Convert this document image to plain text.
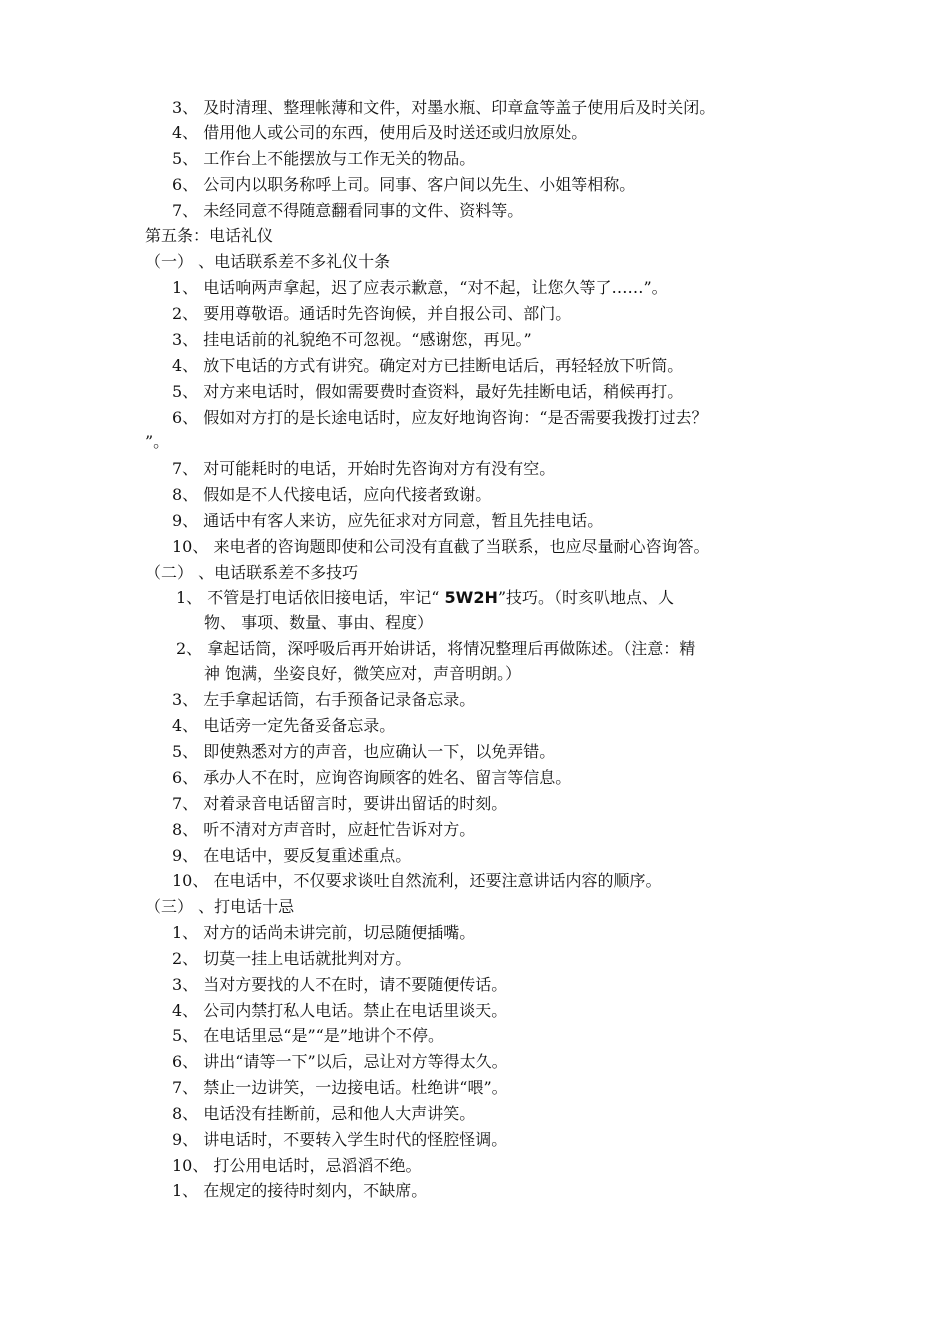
3、 及时清理、整理帐薄和文件，对墨水瓶、印章盒等盖子使用后及时关闭。
4、 借用他人或公司的东西，使用后及时送还或归放原处。
5、 工作台上不能摆放与工作无关的物品。
6、 公司内以职务称呼上司。同事、客户间以先生、小姐等相称。
7、 未经同意不得随意翻看同事的文件、资料等。
第五条：电话礼仪
（一） 、电话联系差不多礼仪十条
1、 电话响两声拿起，迟了应表示歉意，“对不起，让您久等了……”。
2、 要用尊敬语。通话时先咨询候，并自报公司、部门。
3、 挂电话前的礼貌绝不可忽视。“感谢您，再见。”
4、 放下电话的方式有讲究。确定对方已挂断电话后，再轻轻放下听筒。
5、 对方来电话时，假如需要费时查资料，最好先挂断电话，稍候再打。
6、 假如对方打的是长途电话时，应友好地询咨询：“是否需要我拨打过去？
”。
7、 对可能耗时的电话，开始时先咨询对方有没有空。
8、 假如是不人代接电话，应向代接者致谢。
9、 通话中有客人来访，应先征求对方同意，暂且先挂电话。
10、 来电者的咨询题即使和公司没有直截了当联系，也应尽量耐心咨询答。
（二） 、电话联系差不多技巧
1、 不管是打电话依旧接电话，牢记“ 5W2H”技巧。（时亥叭地点、人
物、 事项、数量、事由、程度）
2、 拿起话筒，深呼吸后再开始讲话，将情况整理后再做陈述。（注意：精
神 饱满，坐姿良好，微笑应对，声音明朗。）
3、 左手拿起话筒，右手预备记录备忘录。
4、 电话旁一定先备妥备忘录。
5、 即使熟悉对方的声音，也应确认一下，以免弄错。
6、 承办人不在时，应询咨询顾客的姓名、留言等信息。
7、 对着录音电话留言时，要讲出留话的时刻。
8、 听不清对方声音时，应赶忙告诉对方。
9、 在电话中，要反复重述重点。
10、 在电话中，不仅要求谈吐自然流利，还要注意讲话内容的顺序。
（三） 、打电话十忌
1、 对方的话尚未讲完前，切忌随便插嘴。
2、 切莫一挂上电话就批判对方。
3、 当对方要找的人不在时，请不要随便传话。
4、 公司内禁打私人电话。禁止在电话里谈天。
5、 在电话里忌“是”“是”地讲个不停。
6、 讲出“请等一下”以后，忌让对方等得太久。
7、 禁止一边讲笑，一边接电话。杜绝讲“喂”。
8、 电话没有挂断前，忌和他人大声讲笑。
9、 讲电话时，不要转入学生时代的怪腔怪调。
10、 打公用电话时，忌滔滔不绝。
1、 在规定的接待时刻内，不缺席。
